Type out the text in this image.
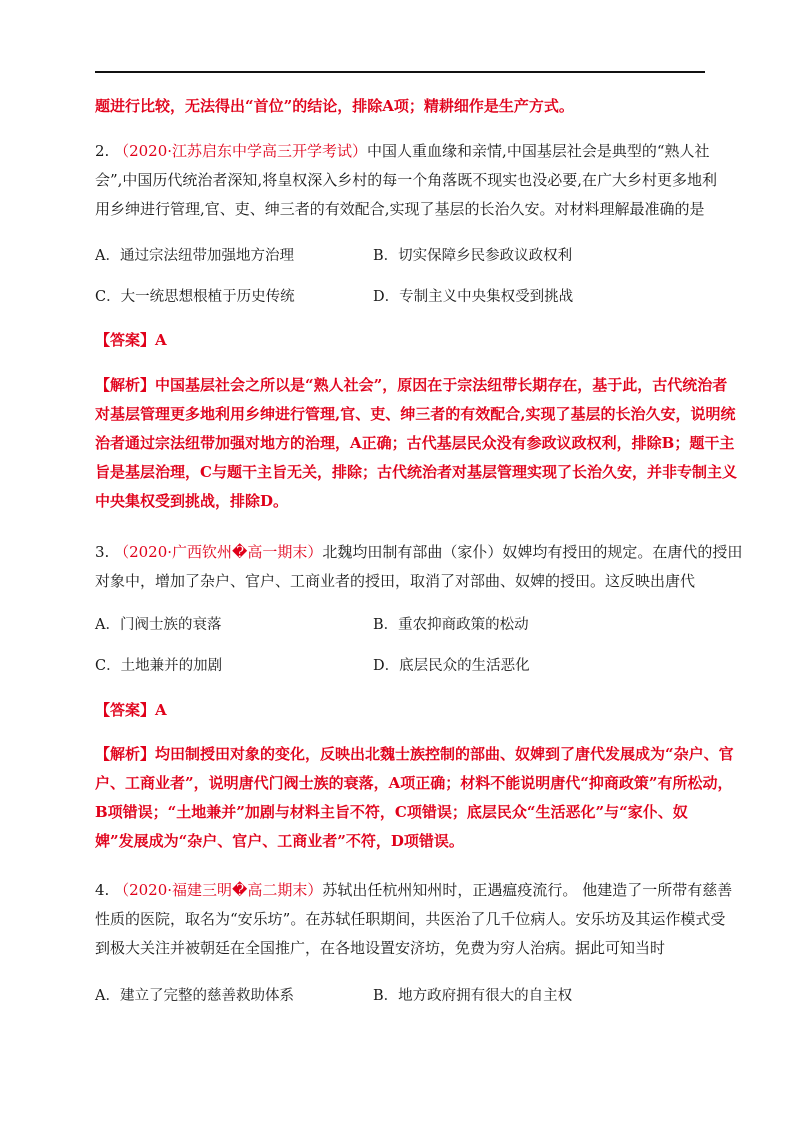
题进行比较，无法得出“首位”的结论，排除A项；精耕细作是生产方式。
2. （2020·江苏启东中学高三开学考试）中国人重血缘和亲情,中国基层社会是典型的“熟人社
会”,中国历代统治者深知,将皇权深入乡村的每一个角落既不现实也没必要,在广大乡村更多地利
用乡绅进行管理,官、吏、绅三者的有效配合,实现了基层的长治久安。对材料理解最准确的是
A．通过宗法纽带加强地方治理	B．切实保障乡民参政议政权利
C．大一统思想根植于历史传统	D．专制主义中央集权受到挑战
【答案】A
【解析】中国基层社会之所以是“熟人社会”，原因在于宗法纽带长期存在，基于此，古代统治者
对基层管理更多地利用乡绅进行管理,官、吏、绅三者的有效配合,实现了基层的长治久安，说明统
治者通过宗法纽带加强对地方的治理，A正确；古代基层民众没有参政议政权利，排除B；题干主
旨是基层治理，C与题干主旨无关，排除；古代统治者对基层管理实现了长治久安，并非专制主义
中央集权受到挑战，排除D。
3. （2020·广西钦州�高一期末）北魏均田制有部曲（家仆）奴婢均有授田的规定。在唐代的授田
对象中，增加了杂户、官户、工商业者的授田，取消了对部曲、奴婢的授田。这反映出唐代
A．门阀士族的衰落	B．重农抑商政策的松动
C．土地兼并的加剧	D．底层民众的生活恶化
【答案】A
【解析】均田制授田对象的变化，反映出北魏士族控制的部曲、奴婢到了唐代发展成为“杂户、官
户、工商业者”，说明唐代门阀士族的衰落，A项正确；材料不能说明唐代“抑商政策”有所松动，
B项错误；“土地兼并”加剧与材料主旨不符，C项错误；底层民众“生活恶化”与“家仆、奴
婢”发展成为“杂户、官户、工商业者”不符，D项错误。
4. （2020·福建三明�高二期末）苏轼出任杭州知州时，正遇瘟疫流行。 他建造了一所带有慈善
性质的医院，取名为“安乐坊”。在苏轼任职期间，共医治了几千位病人。安乐坊及其运作模式受
到极大关注并被朝廷在全国推广，在各地设置安济坊，免费为穷人治病。据此可知当时
A．建立了完整的慈善救助体系	B．地方政府拥有很大的自主权
